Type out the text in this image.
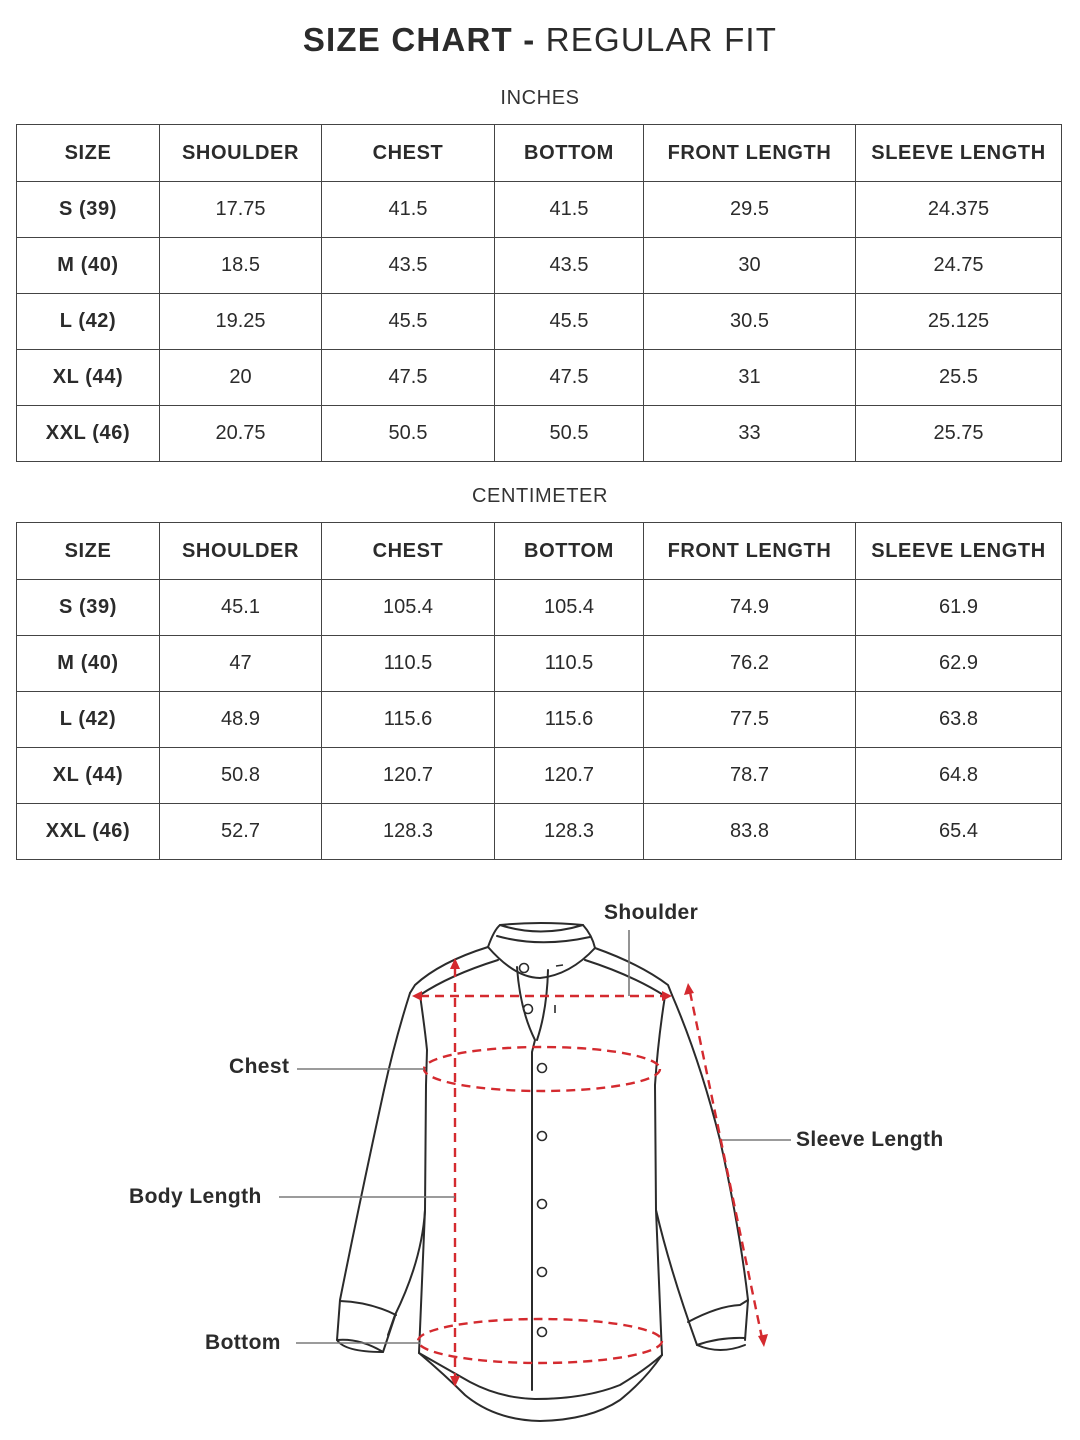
SIZE CHART - REGULAR FIT
INCHES
SIZE	SHOULDER	CHEST	BOTTOM	FRONT LENGTH	SLEEVE LENGTH
S (39)	17.75	41.5	41.5	29.5	24.375
M (40)	18.5	43.5	43.5	30	24.75
L (42)	19.25	45.5	45.5	30.5	25.125
XL (44)	20	47.5	47.5	31	25.5
XXL (46)	20.75	50.5	50.5	33	25.75
CENTIMETER
SIZE	SHOULDER	CHEST	BOTTOM	FRONT LENGTH	SLEEVE LENGTH
S (39)	45.1	105.4	105.4	74.9	61.9
M (40)	47	110.5	110.5	76.2	62.9
L (42)	48.9	115.6	115.6	77.5	63.8
XL (44)	50.8	120.7	120.7	78.7	64.8
XXL (46)	52.7	128.3	128.3	83.8	65.4
Shoulder
Chest
Sleeve Length
Body Length
Bottom
